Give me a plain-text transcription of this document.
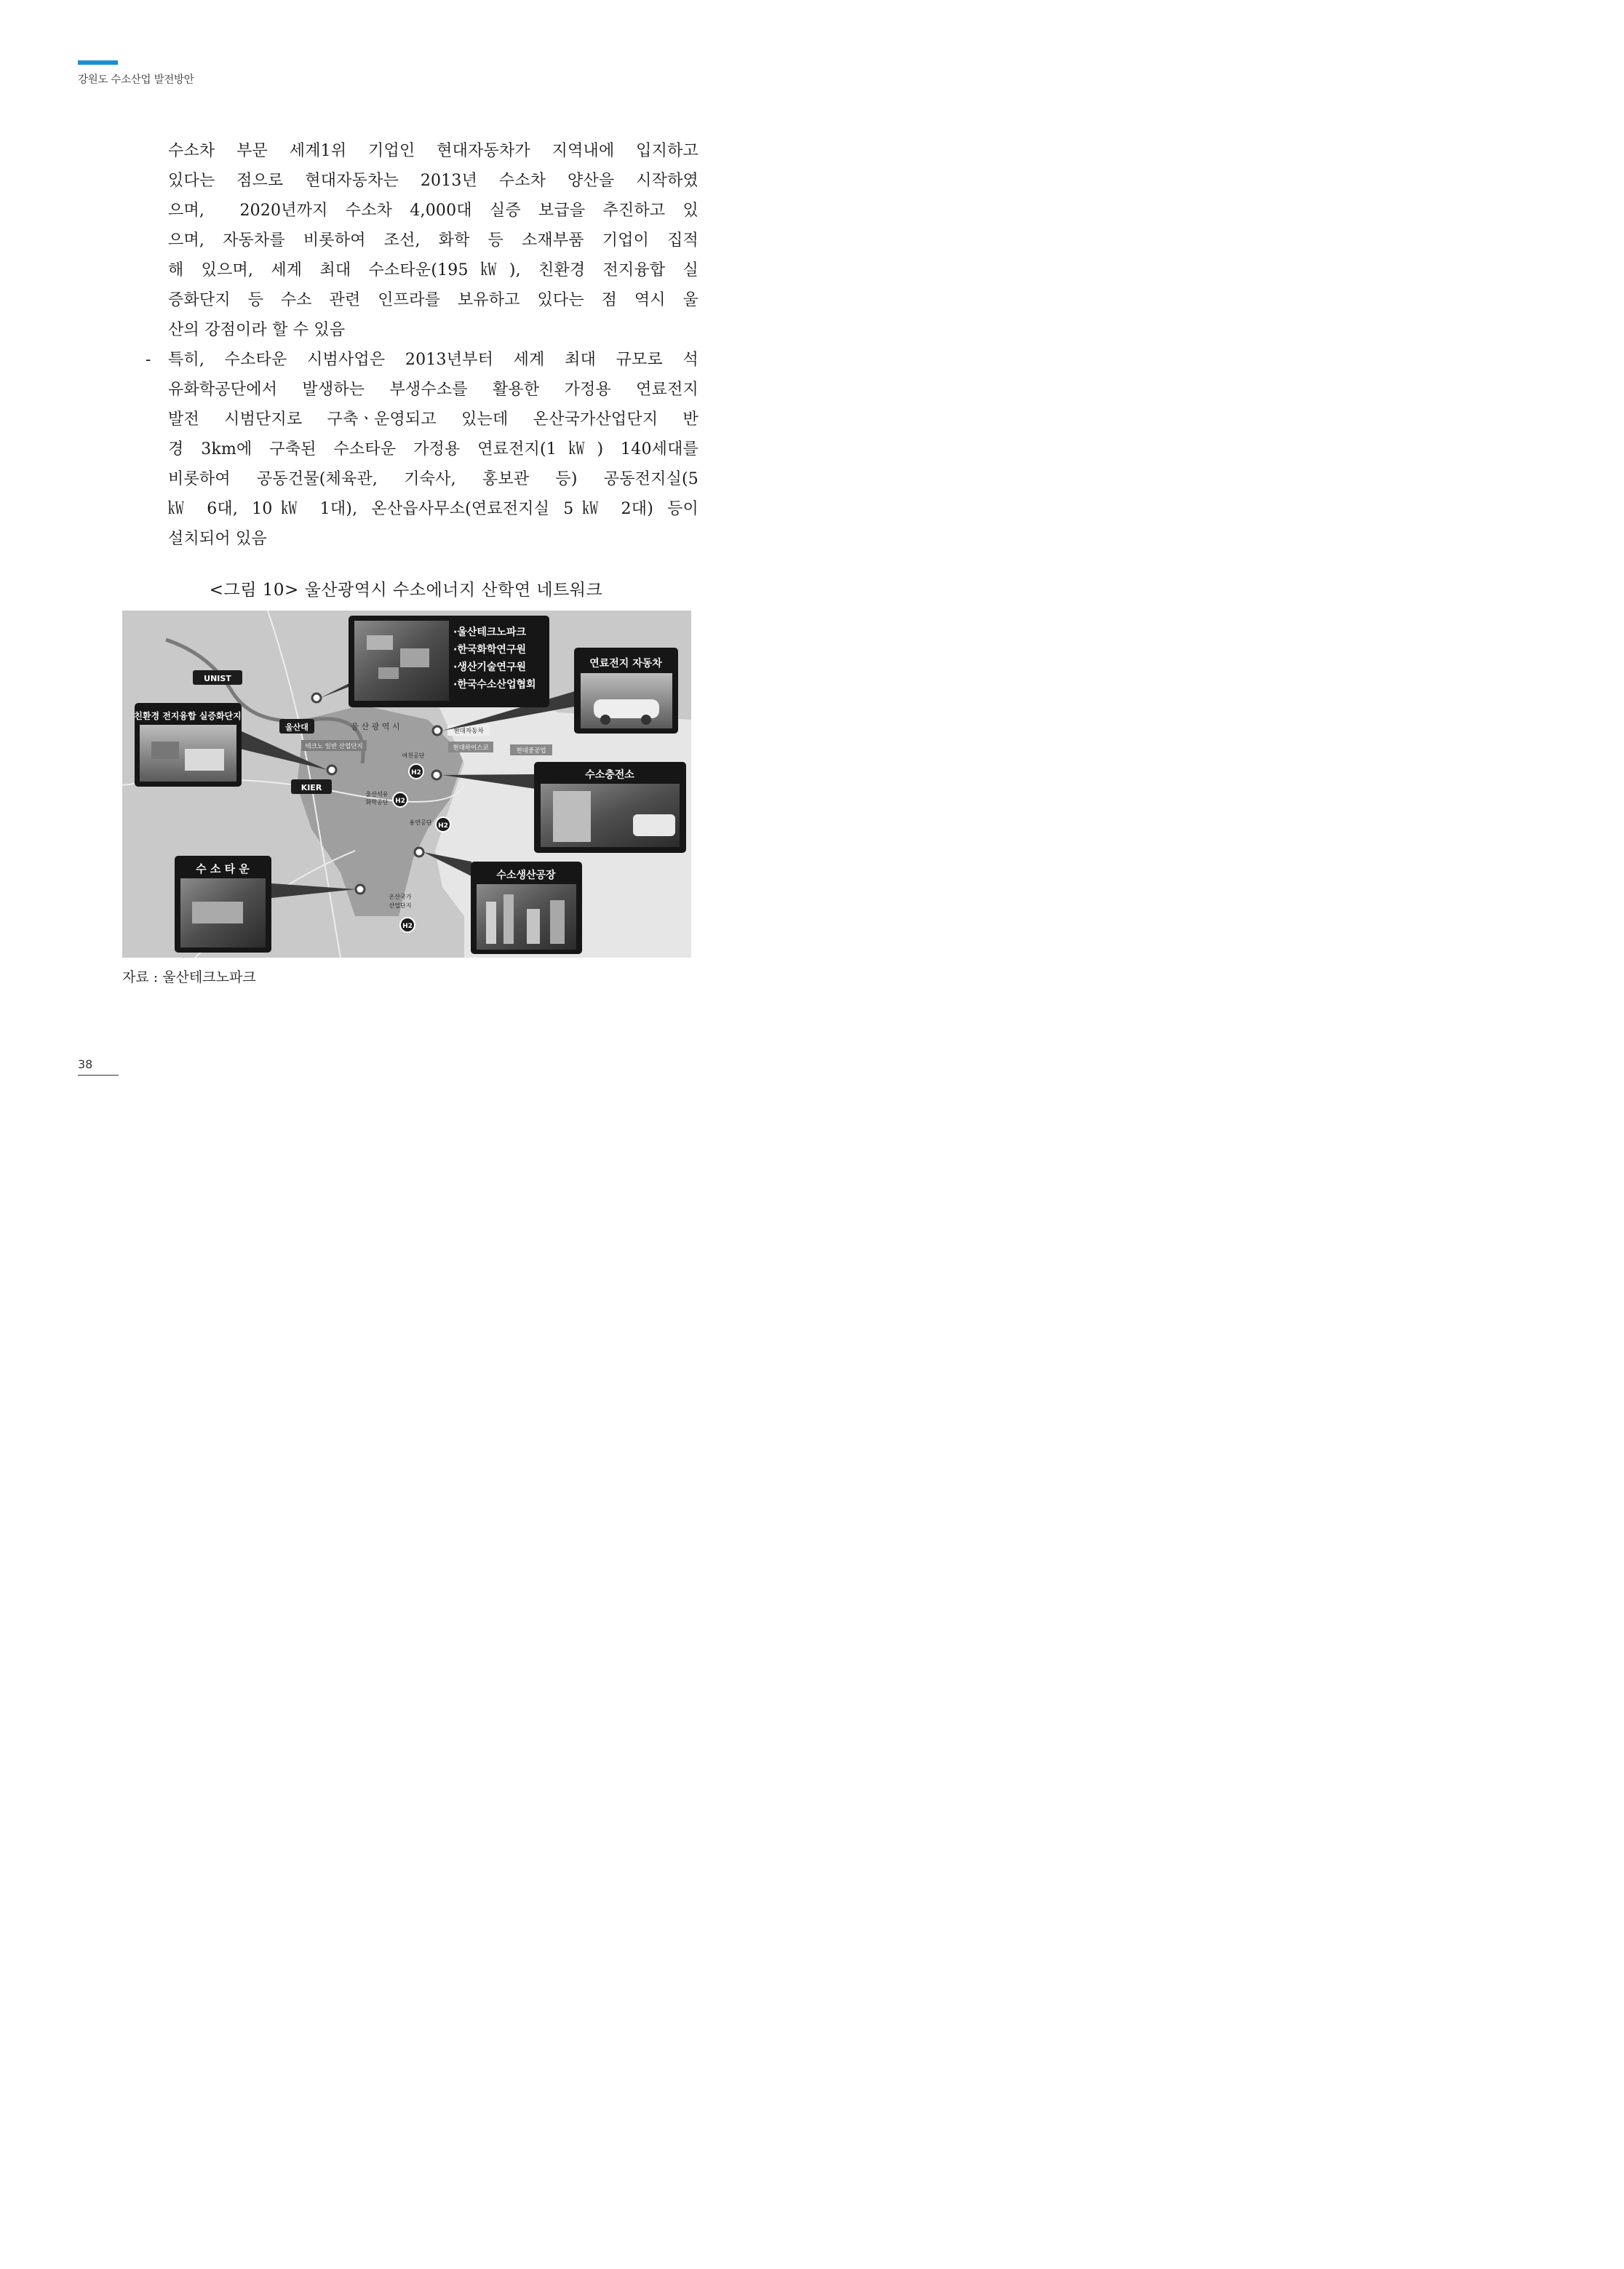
강원도 수소산업 발전방안
수소차 부문 세계1위 기업인 현대자동차가 지역내에 입지하고
있다는 점으로 현대자동차는 2013년 수소차 양산을 시작하였
으며,  2020년까지 수소차 4,000대 실증 보급을 추진하고 있
으며, 자동차를 비롯하여 조선, 화학 등 소재부품 기업이 집적
해 있으며, 세계 최대 수소타운(195㎾), 친환경 전지융합 실
증화단지 등 수소 관련 인프라를 보유하고 있다는 점 역시 울
산의 강점이라 할 수 있음
-	특히, 수소타운 시범사업은 2013년부터 세계 최대 규모로 석
유화학공단에서 발생하는 부생수소를 활용한 가정용 연료전지
발전 시범단지로 구축ㆍ운영되고 있는데 온산국가산업단지 반
경 3km에 구축된 수소타운 가정용 연료전지(1㎾) 140세대를
비롯하여 공동건물(체육관, 기숙사, 홍보관 등) 공동전지실(5
㎾ 6대, 10㎾ 1대), 온산읍사무소(연료전지실 5㎾ 2대) 등이
설치되어 있음
<그림 10> 울산광역시 수소에너지 산학연 네트워크
UNIST
울산대
KIER
울 산 광 역 시
테크노 일반 산업단지
현대자동차
현대하이스코	현대중공업
여천공단
울산석유
화학공단
용연공단
온산국가
산업단지
H2
H2
H2
H2
·울산테크노파크
·한국화학연구원
·생산기술연구원
·한국수소산업협회
연료전지 자동차
친환경 전지융합 실증화단지
수소충전소
수 소 타 운	수소생산공장
자료 : 울산테크노파크
38
